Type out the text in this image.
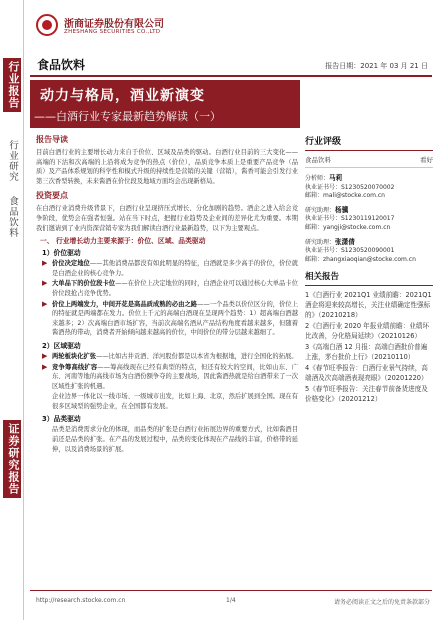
行业报告
行业研究
食品饮料
证券研究报告
浙商证券股份有限公司
ZHESHANG SECURITIES CO.,LTD
食品饮料	报告日期：2021 年 03 月 21 日
动力与格局，酒业新演变
——白酒行业专家最新趋势解读（一）
报告导读
目前白酒行业的主要增长动力来自于价位、区域及品类的驱动。白酒行业目前的三大变化——高端的下沽和次高端的上沿将成为竞争的热点（价位），品质竞争本质上是重要产品竞争（品质）及产品体系规划的科学性和模式升级的持续性是营销的关键（营销），酱香可能会引发行业第三次香型转换，未来酱酒在价位段及地域方面均会出现新格局。
投资要点
在白酒行业消费升级背景下，白酒行业呈现挤压式增长、分化加剧的趋势。酒企之进入给会竞争阶段，优势会在强者恒强。站在当下时点，把握行业趋势及企业间的差异化尤为重要。本期我们邀请到了业内资深营销专家为我们解读白酒行业最新趋势，以下为主要观点。
一、 行业增长动力主要来源于：价位、区域、品类驱动
1）价位驱动
▶ 价位决定地位——其他消费品都没有如此明显的特征，白酒就是多少高手的价位，价位就是白酒企业的核心竞争力。
▶ 大单品下的价位段卡位——在价位上决定地位的同时，白酒企业可以通过核心大单品卡位价位段抢占竞争优势。
▶ 价位上两端发力，中间开花是高品质成熟的必由之路——一个品类以价位区分的，价位上的特征就是两端都在发力。价位上千元的高端白酒现在呈现两个趋势：1）超高端白酒越来越多；2）次高端白酒市场扩容，当前次高端名酒从产品结构角度看越来越多，但随着酱酒热的带动，消费者开始倾向越来越高的价位，中间价位的带分层越来越细了。
2）区域驱动
▶ 两轮板块化扩张——比如古井贡酒、洋河股份都是以本省为根据地，进行全国化的拓展。
▶ 竞争筹高线扩容——筹高线现在已经有典型的特点，但还有较大的空间，比如山东、广东、河南等地的高线市场为白酒份额争夺的主要战场，因此酱酒热就是给白酒带来了一次区域性扩张的机遇。
企业边界一体化以一线市场、一级城市出发，比如上海、北京，然后扩展到全国。现在有很多区域型的强势企业，在全国都有发展。
3）品类驱动
品类是消费需求分化的体现，而品类的扩张是白酒行业拓展边界的重要方式，比如酱酒目前还是品类的扩张。在产品的发展过程中，品类的变化体现在产品线的丰富，价格带的延伸，以及消费场景的扩展。
行业评级
食品饮料	看好
分析师：马莉
执业证书号：S1230520070002
邮箱：mali@stocke.com.cn
研究助理：杨骥
执业证书号：S1230119120017
邮箱：yangji@stocke.com.cn
研究助理：张潇倩
执业证书号：S1230520090001
邮箱：zhangxiaoqian@stocke.com.cn
相关报告
1《白酒行业 2021Q1 业绩前瞻：2021Q1 酒企将迎来较高增长，关注业绩确定性强标的》（20210218）
2《白酒行业 2020 年报业绩前瞻：业绩环比改善，分化格局延续》（20210126）
3《高端白酒 12 月报：高端白酒批价普遍上涨，茅台批价上行》（20210110）
4《春节旺季报告：白酒行业景气持续，高端酒及次高端酒表现亮眼》（20201220）
5《春节旺季报告：关注春节前备货进度及价格变化》（20201212）
http://research.stocke.com.cn	1/4	请务必阅读正文之后的免责条款部分
